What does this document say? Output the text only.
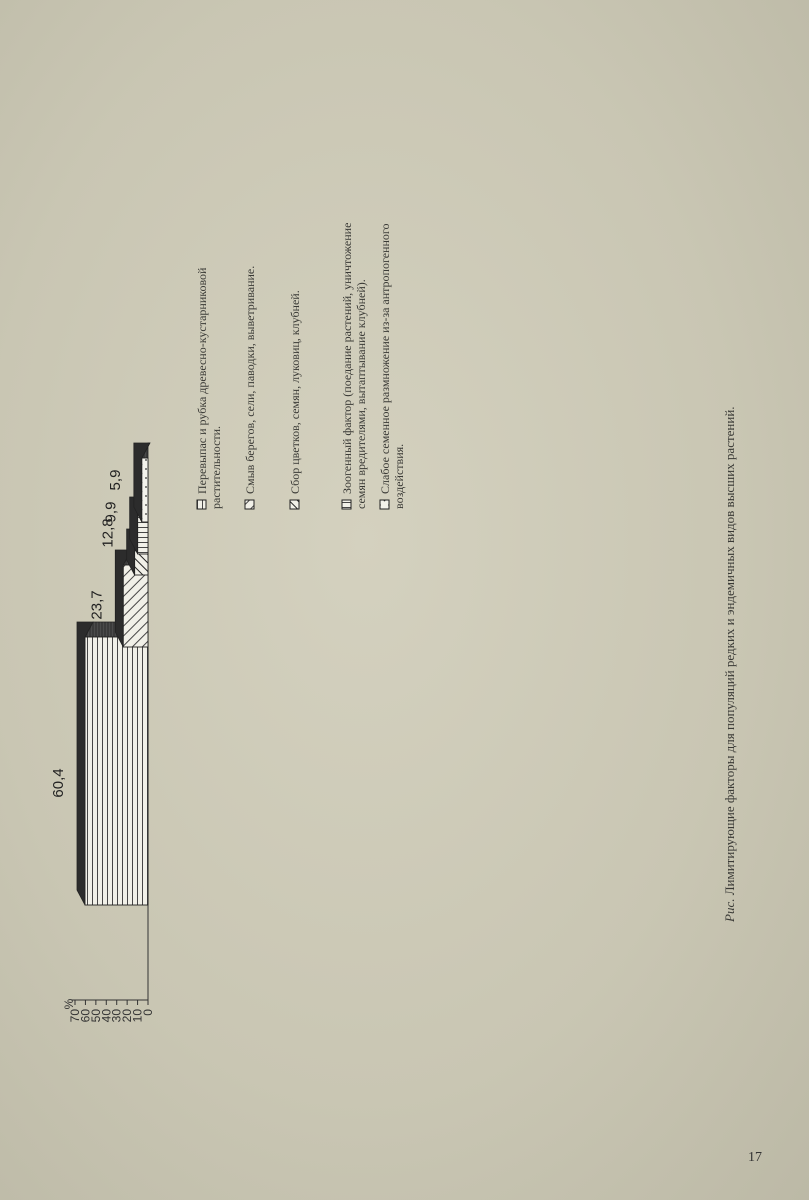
0
10
20
30
40
50
60
70
%
60,4
23,7
12,8
9,9
5,9	Перевыпас и рубка древесно-кустарниковой растительности. Смыв берегов, сели, паводки, выветривание.	Сбор цветков, семян, луковиц, клубней.	Зоогенный фактор (поедание растений, уничтожение семян вредителями, вытаптывание клубней). Слабое семенное размножение из-за антропогенного воздействия.
Рис. Лимитирующие факторы для популяций редких и эндемичных видов высших растений.
17
